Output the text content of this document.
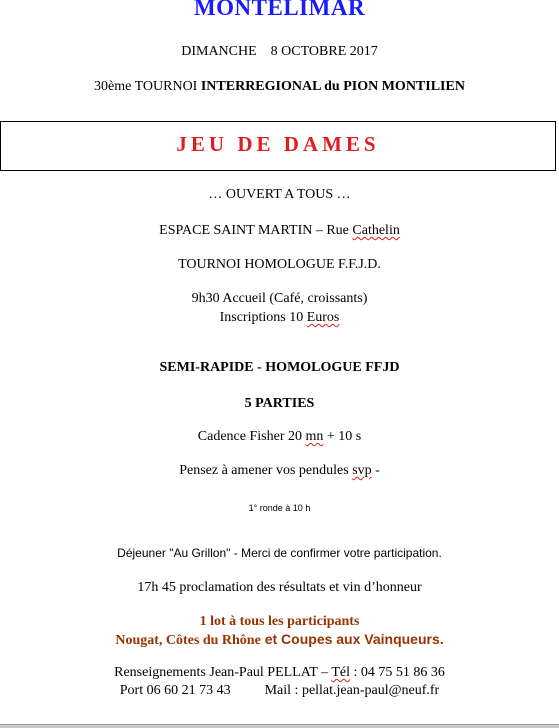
MONTELIMAR
DIMANCHE 8 OCTOBRE 2017
30ème TOURNOI INTERREGIONAL du PION MONTILIEN
JEU DE DAMES
… OUVERT A TOUS …
ESPACE SAINT MARTIN – Rue Cathelin
TOURNOI HOMOLOGUE F.F.J.D.
9h30 Accueil (Café, croissants)
Inscriptions 10 Euros
SEMI-RAPIDE - HOMOLOGUE FFJD
5 PARTIES
Cadence Fisher 20 mn + 10 s
Pensez à amener vos pendules svp -
1° ronde à 10 h
Déjeuner "Au Grillon" - Merci de confirmer votre participation.
17h 45 proclamation des résultats et vin d’honneur
1 lot à tous les participants
Nougat, Côtes du Rhône et Coupes aux Vainqueurs.
Renseignements Jean-Paul PELLAT – Tél : 04 75 51 86 36
Port 06 60 21 73 43 Mail : pellat.jean-paul@neuf.fr
